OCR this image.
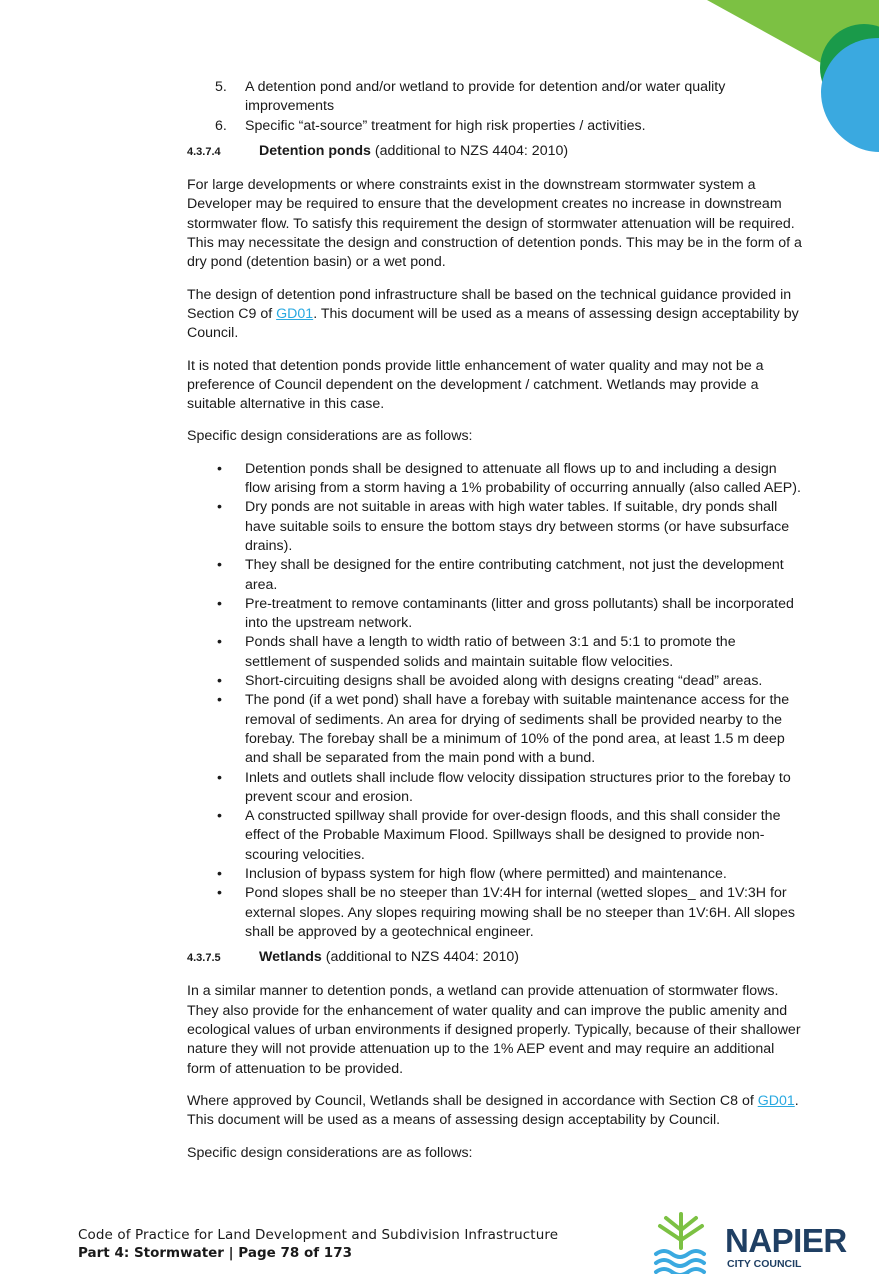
5. A detention pond and/or wetland to provide for detention and/or water quality improvements
6. Specific “at-source” treatment for high risk properties / activities.
4.3.7.4	Detention ponds (additional to NZS 4404: 2010)

For large developments or where constraints exist in the downstream stormwater system a Developer may be required to ensure that the development creates no increase in downstream stormwater flow. To satisfy this requirement the design of stormwater attenuation will be required. This may necessitate the design and construction of detention ponds. This may be in the form of a dry pond (detention basin) or a wet pond.

The design of detention pond infrastructure shall be based on the technical guidance provided in Section C9 of GD01. This document will be used as a means of assessing design acceptability by Council.

It is noted that detention ponds provide little enhancement of water quality and may not be a preference of Council dependent on the development / catchment. Wetlands may provide a suitable alternative in this case.

Specific design considerations are as follows:

• Detention ponds shall be designed to attenuate all flows up to and including a design flow arising from a storm having a 1% probability of occurring annually (also called AEP).
• Dry ponds are not suitable in areas with high water tables. If suitable, dry ponds shall have suitable soils to ensure the bottom stays dry between storms (or have subsurface drains).
• They shall be designed for the entire contributing catchment, not just the development area.
• Pre-treatment to remove contaminants (litter and gross pollutants) shall be incorporated into the upstream network.
• Ponds shall have a length to width ratio of between 3:1 and 5:1 to promote the settlement of suspended solids and maintain suitable flow velocities.
• Short-circuiting designs shall be avoided along with designs creating “dead” areas.
• The pond (if a wet pond) shall have a forebay with suitable maintenance access for the removal of sediments. An area for drying of sediments shall be provided nearby to the forebay. The forebay shall be a minimum of 10% of the pond area, at least 1.5 m deep and shall be separated from the main pond with a bund.
• Inlets and outlets shall include flow velocity dissipation structures prior to the forebay to prevent scour and erosion.
• A constructed spillway shall provide for over-design floods, and this shall consider the effect of the Probable Maximum Flood. Spillways shall be designed to provide non-scouring velocities.
• Inclusion of bypass system for high flow (where permitted) and maintenance.
• Pond slopes shall be no steeper than 1V:4H for internal (wetted slopes_ and 1V:3H for external slopes. Any slopes requiring mowing shall be no steeper than 1V:6H. All slopes shall be approved by a geotechnical engineer.
4.3.7.5	Wetlands (additional to NZS 4404: 2010)

In a similar manner to detention ponds, a wetland can provide attenuation of stormwater flows. They also provide for the enhancement of water quality and can improve the public amenity and ecological values of urban environments if designed properly. Typically, because of their shallower nature they will not provide attenuation up to the 1% AEP event and may require an additional form of attenuation to be provided.

Where approved by Council, Wetlands shall be designed in accordance with Section C8 of GD01. This document will be used as a means of assessing design acceptability by Council.

Specific design considerations are as follows:

Code of Practice for Land Development and Subdivision Infrastructure
Part 4: Stormwater | Page 78 of 173	NAPIER
CITY COUNCIL
